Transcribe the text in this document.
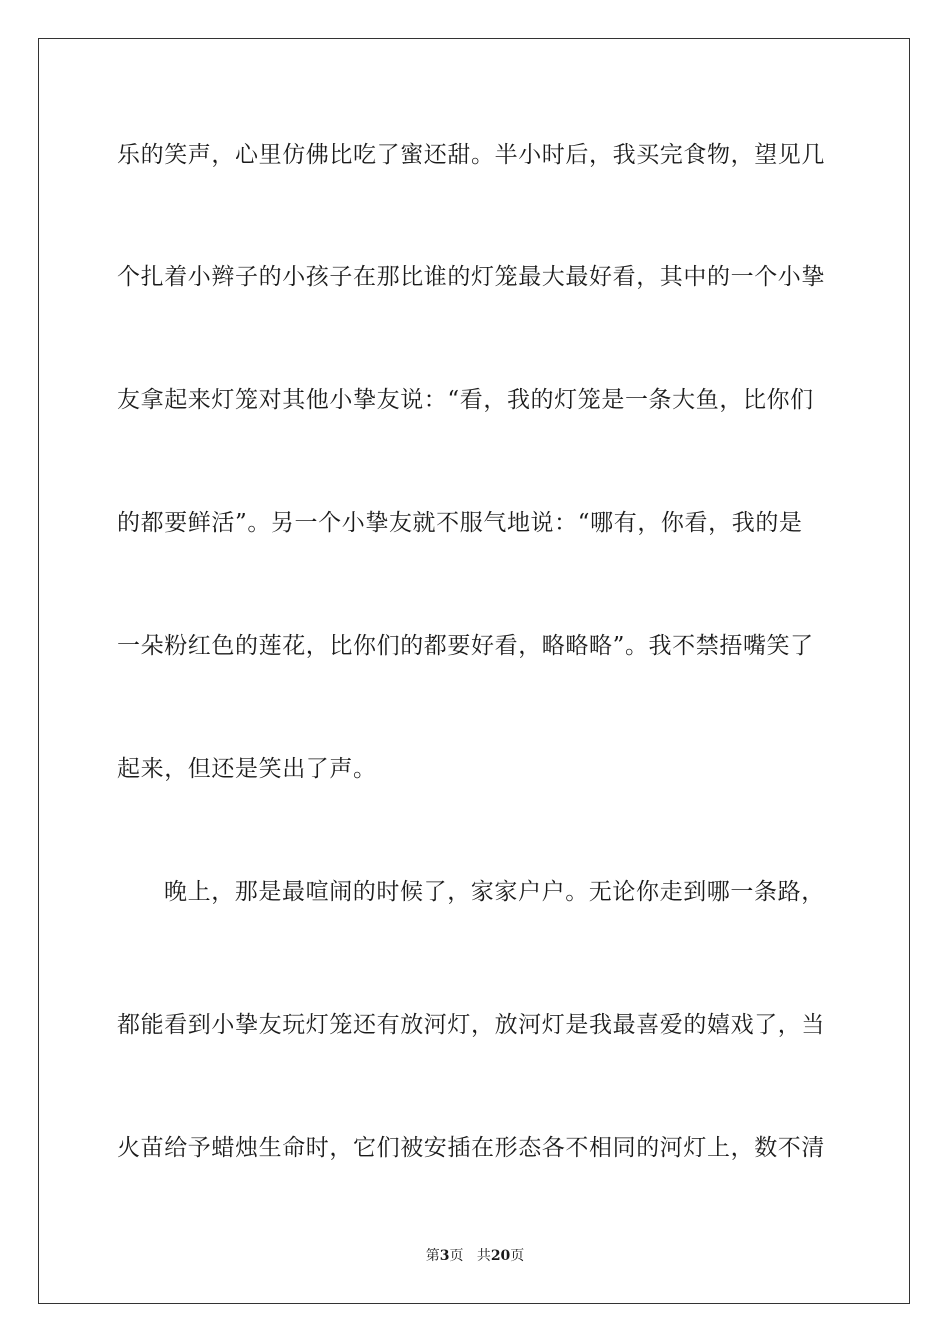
乐的笑声，心里仿佛比吃了蜜还甜。半小时后，我买完食物，望见几
个扎着小辫子的小孩子在那比谁的灯笼最大最好看，其中的一个小挚
友拿起来灯笼对其他小挚友说：“看，我的灯笼是一条大鱼，比你们
的都要鲜活”。另一个小挚友就不服气地说：“哪有，你看，我的是
一朵粉红色的莲花，比你们的都要好看，略略略”。我不禁捂嘴笑了
起来，但还是笑出了声。
晚上，那是最喧闹的时候了，家家户户。无论你走到哪一条路，
都能看到小挚友玩灯笼还有放河灯，放河灯是我最喜爱的嬉戏了，当
火苗给予蜡烛生命时，它们被安插在形态各不相同的河灯上，数不清
第3页 共20页
